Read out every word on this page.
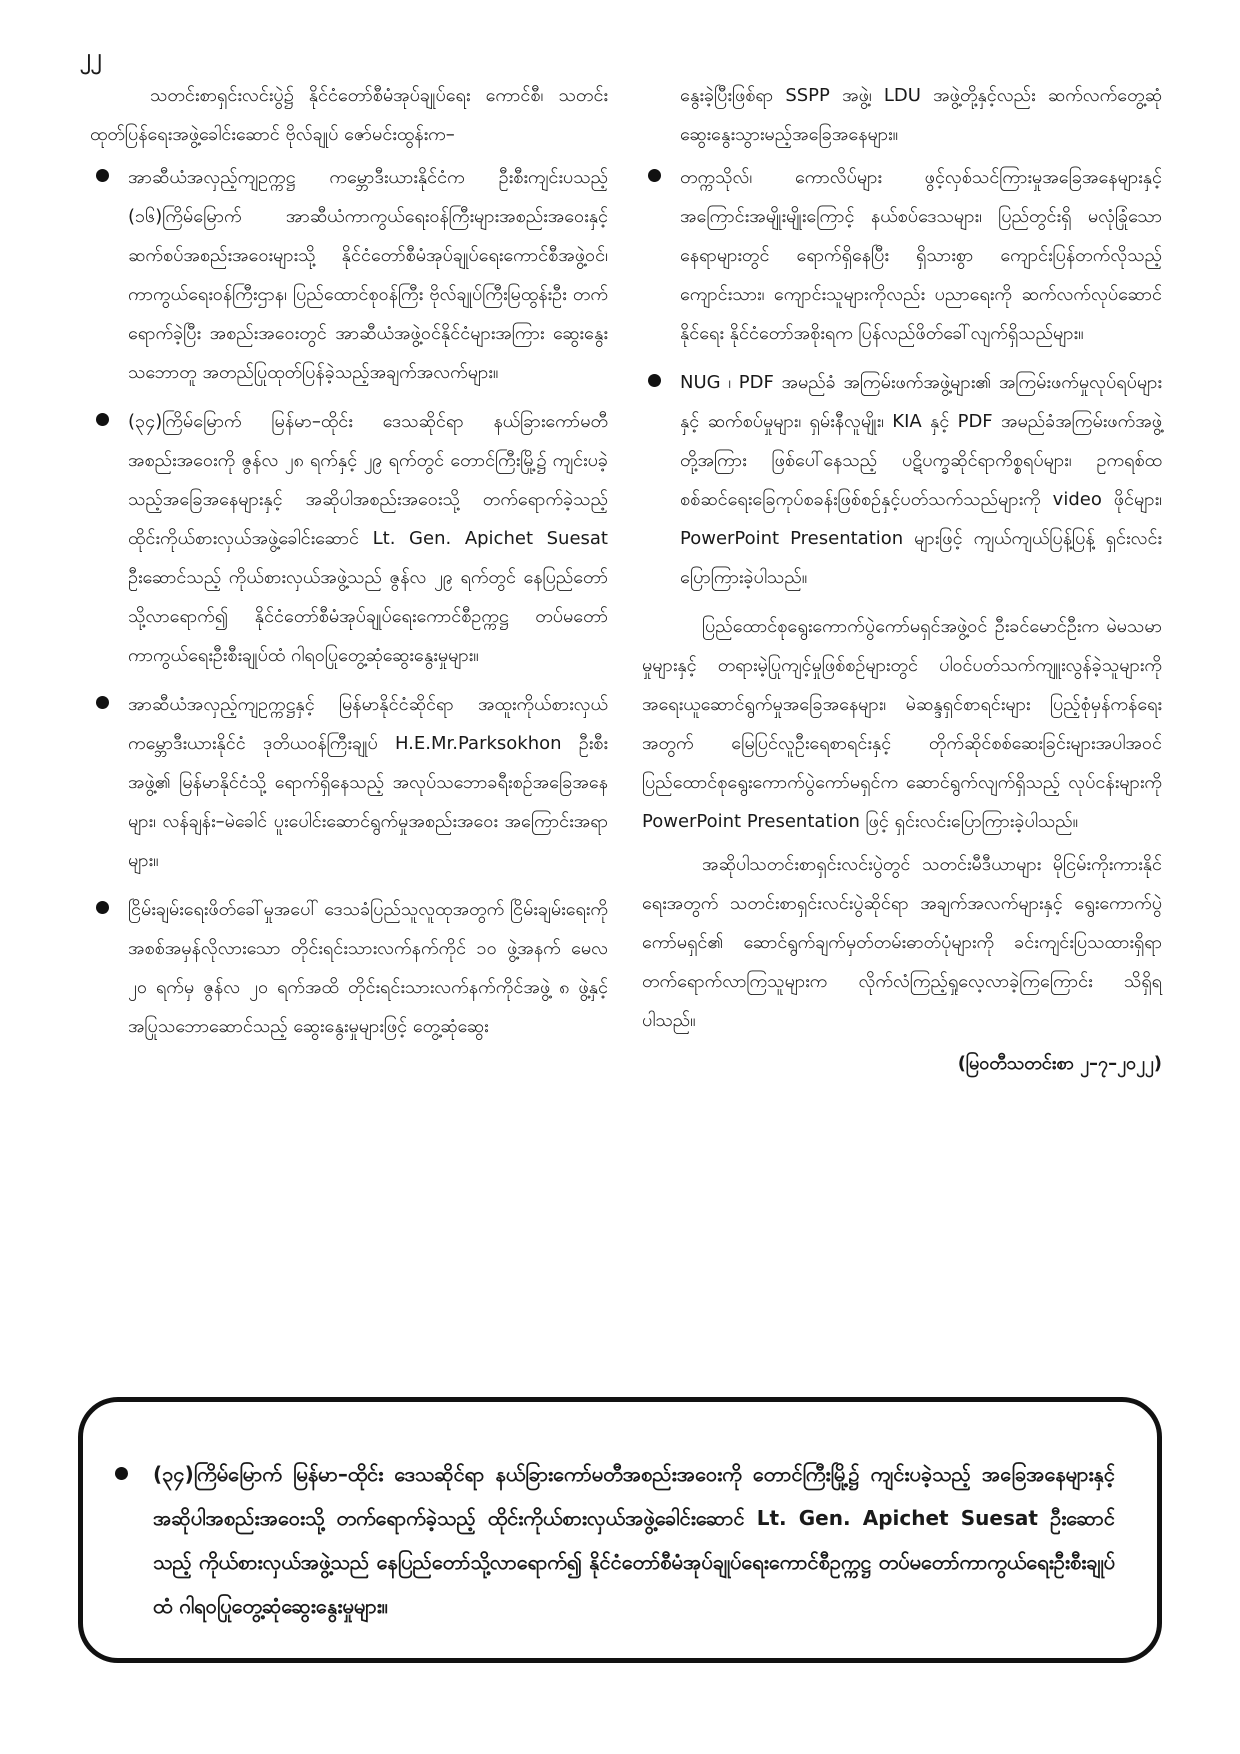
၂၂

သတင်းစာရှင်းလင်းပွဲ၌ နိုင်ငံတော်စီမံအုပ်ချုပ်ရေး ကောင်စီ၊ သတင်းထုတ်ပြန်ရေးအဖွဲ့ခေါင်းဆောင် ဗိုလ်ချုပ် ဇော်မင်းထွန်းက–

အာဆီယံအလှည့်ကျဥက္ကဋ္ဌ ကမ္ဘောဒီးယားနိုင်ငံက ဦးစီးကျင်းပသည့် (၁၆)ကြိမ်မြောက် အာဆီယံကာကွယ်ရေးဝန်ကြီးများအစည်းအဝေးနှင့် ဆက်စပ်အစည်းအဝေးများသို့ နိုင်ငံတော်စီမံအုပ်ချုပ်ရေးကောင်စီအဖွဲ့ဝင်၊ ကာကွယ်ရေးဝန်ကြီးဌာန၊ ပြည်ထောင်စုဝန်ကြီး ဗိုလ်ချုပ်ကြီးမြထွန်းဦး တက်ရောက်ခဲ့ပြီး အစည်းအဝေးတွင် အာဆီယံအဖွဲ့ဝင်နိုင်ငံများအကြား ဆွေးနွေးသဘောတူ အတည်ပြုထုတ်ပြန်ခဲ့သည့်အချက်အလက်များ။
(၃၄)ကြိမ်မြောက် မြန်မာ–ထိုင်း ဒေသဆိုင်ရာ နယ်ခြားကော်မတီအစည်းအဝေးကို ဇွန်လ ၂၈ ရက်နှင့် ၂၉ ရက်တွင် တောင်ကြီးမြို့၌ ကျင်းပခဲ့သည့်အခြေအနေများနှင့် အဆိုပါအစည်းအဝေးသို့ တက်ရောက်ခဲ့သည့် ထိုင်းကိုယ်စားလှယ်အဖွဲ့ခေါင်းဆောင် Lt. Gen. Apichet Suesat ဦးဆောင်သည့် ကိုယ်စားလှယ်အဖွဲ့သည် ဇွန်လ ၂၉ ရက်တွင် နေပြည်တော်သို့လာရောက်၍ နိုင်ငံတော်စီမံအုပ်ချုပ်ရေးကောင်စီဥက္ကဋ္ဌ တပ်မတော်ကာကွယ်ရေးဦးစီးချုပ်ထံ ဂါရဝပြုတွေ့ဆုံဆွေးနွေးမှုများ။
အာဆီယံအလှည့်ကျဥက္ကဋ္ဌနှင့် မြန်မာနိုင်ငံဆိုင်ရာ အထူးကိုယ်စားလှယ် ကမ္ဘောဒီးယားနိုင်ငံ ဒုတိယဝန်ကြီးချုပ် H.E.Mr.Parksokhon ဦးစီးအဖွဲ့၏ မြန်မာနိုင်ငံသို့ ရောက်ရှိနေသည့် အလုပ်သဘောခရီးစဉ်အခြေအနေများ၊ လန်ချန်း–မဲခေါင် ပူးပေါင်းဆောင်ရွက်မှုအစည်းအဝေး အကြောင်းအရာများ။
ငြိမ်းချမ်းရေးဖိတ်ခေါ်မှုအပေါ် ဒေသခံပြည်သူလူထုအတွက် ငြိမ်းချမ်းရေးကို အစစ်အမှန်လိုလားသော တိုင်းရင်းသားလက်နက်ကိုင် ၁၀ ဖွဲ့အနက် မေလ ၂၀ ရက်မှ ဇွန်လ ၂၀ ရက်အထိ တိုင်းရင်းသားလက်နက်ကိုင်အဖွဲ့ ၈ ဖွဲ့နှင့် အပြုသဘောဆောင်သည့် ဆွေးနွေးမှုများဖြင့် တွေ့ဆုံဆွေး

နွေးခဲ့ပြီးဖြစ်ရာ SSPP အဖွဲ့၊ LDU အဖွဲ့တို့နှင့်လည်း ဆက်လက်တွေ့ဆုံဆွေးနွေးသွားမည့်အခြေအနေများ။

တက္ကသိုလ်၊ ကောလိပ်များ ဖွင့်လှစ်သင်ကြားမှုအခြေအနေများနှင့် အကြောင်းအမျိုးမျိုးကြောင့် နယ်စပ်ဒေသများ၊ ပြည်တွင်းရှိ မလုံခြုံသောနေရာများတွင် ရောက်ရှိနေပြီး ရှိသားစွာ ကျောင်းပြန်တက်လိုသည့် ကျောင်းသား၊ ကျောင်းသူများကိုလည်း ပညာရေးကို ဆက်လက်လုပ်ဆောင်နိုင်ရေး နိုင်ငံတော်အစိုးရက ပြန်လည်ဖိတ်ခေါ်လျက်ရှိသည်များ။
NUG ၊ PDF အမည်ခံ အကြမ်းဖက်အဖွဲ့များ၏ အကြမ်းဖက်မှုလုပ်ရပ်များနှင့် ဆက်စပ်မှုများ၊ ရှမ်းနီလူမျိုး၊ KIA နှင့် PDF အမည်ခံအကြမ်းဖက်အဖွဲ့တို့အကြား ဖြစ်ပေါ်နေသည့် ပဋိပက္ခဆိုင်ရာကိစ္စရပ်များ၊ ဥကရစ်ထစစ်ဆင်ရေးခြေကုပ်စခန်းဖြစ်စဉ်နှင့်ပတ်သက်သည်များကို video ဖိုင်များ၊ PowerPoint Presentation များဖြင့် ကျယ်ကျယ်ပြန့်ပြန့် ရှင်းလင်းပြောကြားခဲ့ပါသည်။

ပြည်ထောင်စုရွေးကောက်ပွဲကော်မရှင်အဖွဲ့ဝင် ဦးခင်မောင်ဦးက မဲမသမာမှုများနှင့် တရားမဲ့ပြုကျင့်မှုဖြစ်စဉ်များတွင် ပါဝင်ပတ်သက်ကျူးလွန်ခဲ့သူများကို အရေးယူဆောင်ရွက်မှုအခြေအနေများ၊ မဲဆန္ဒရှင်စာရင်းများ ပြည့်စုံမှန်ကန်ရေးအတွက် မြေပြင်လူဦးရေစာရင်းနှင့် တိုက်ဆိုင်စစ်ဆေးခြင်းများအပါအဝင် ပြည်ထောင်စုရွေးကောက်ပွဲကော်မရှင်က ဆောင်ရွက်လျက်ရှိသည့် လုပ်ငန်းများကို PowerPoint Presentation ဖြင့် ရှင်းလင်းပြောကြားခဲ့ပါသည်။

အဆိုပါသတင်းစာရှင်းလင်းပွဲတွင် သတင်းမီဒီယာများ မိုငြမ်းကိုးကားနိုင်ရေးအတွက် သတင်းစာရှင်းလင်းပွဲဆိုင်ရာ အချက်အလက်များနှင့် ရွေးကောက်ပွဲကော်မရှင်၏ ဆောင်ရွက်ချက်မှတ်တမ်းဓာတ်ပုံများကို ခင်းကျင်းပြသထားရှိရာ တက်ရောက်လာကြသူများက လိုက်လံကြည့်ရှုလေ့လာခဲ့ကြကြောင်း သိရှိရပါသည်။

(မြဝတီသတင်းစာ ၂–၇–၂၀၂၂)
(၃၄)ကြိမ်မြောက် မြန်မာ–ထိုင်း ဒေသဆိုင်ရာ နယ်ခြားကော်မတီအစည်းအဝေးကို တောင်ကြီးမြို့၌ ကျင်းပခဲ့သည့် အခြေအနေများနှင့် အဆိုပါအစည်းအဝေးသို့ တက်ရောက်ခဲ့သည့် ထိုင်းကိုယ်စားလှယ်အဖွဲ့ခေါင်းဆောင် Lt. Gen. Apichet Suesat ဦးဆောင်သည့် ကိုယ်စားလှယ်အဖွဲ့သည် နေပြည်တော်သို့လာရောက်၍ နိုင်ငံတော်စီမံအုပ်ချုပ်ရေးကောင်စီဥက္ကဋ္ဌ တပ်မတော်ကာကွယ်ရေးဦးစီးချုပ်ထံ ဂါရဝပြုတွေ့ဆုံဆွေးနွေးမှုများ။
